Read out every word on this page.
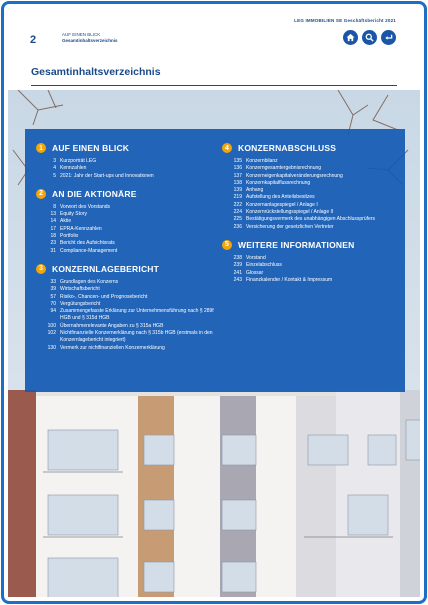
2	AUF EINEN BLICK
Gesamtinhaltsverzeichnis
LEG IMMOBILIEN SE Geschäftsbericht 2021
Gesamtinhaltsverzeichnis
1	AUF EINEN BLICK
3 Kurzporträt LEG
4 Kennzahlen
5 2021: Jahr der Start-ups und Innovationen
2	AN DIE AKTIONÄRE
8 Vorwort des Vorstands
13 Equity Story
14 Aktie
17 EPRA-Kennzahlen
18 Portfolio
23 Bericht des Aufsichtsrats
31 Compliance-Management
3	KONZERNLAGEBERICHT
33 Grundlagen des Konzerns
39 Wirtschaftsbericht
57 Risiko-, Chancen- und Prognosebericht
70 Vergütungsbericht
94 Zusammengefasste Erklärung zur Unternehmensführung nach § 289f HGB und § 315d HGB
100 Übernahmerelevante Angaben zu § 315a HGB
102 Nichtfinanzielle Konzernerklärung nach § 315b HGB (erstmals in den Konzernlagebericht integriert)
130 Vermerk zur nichtfinanziellen Konzernerklärung
4	KONZERNABSCHLUSS
135 Konzernbilanz
136 Konzerngesamtergebnisrechnung
137 Konzerneigenkapitalveränderungsrechnung
138 Konzernkapitalflussrechnung
139 Anhang
219 Aufstellung des Anteilsbesitzes
222 Konzernanlagespiegel / Anlage I
224 Konzernrückstellungsspiegel / Anlage II
225 Bestätigungsvermerk des unabhängigen Abschlussprüfers
236 Versicherung der gesetzlichen Vertreter
5	WEITERE INFORMATIONEN
238 Vorstand
239 Einzelabschluss
241 Glossar
243 Finanzkalender / Kontakt & Impressum
